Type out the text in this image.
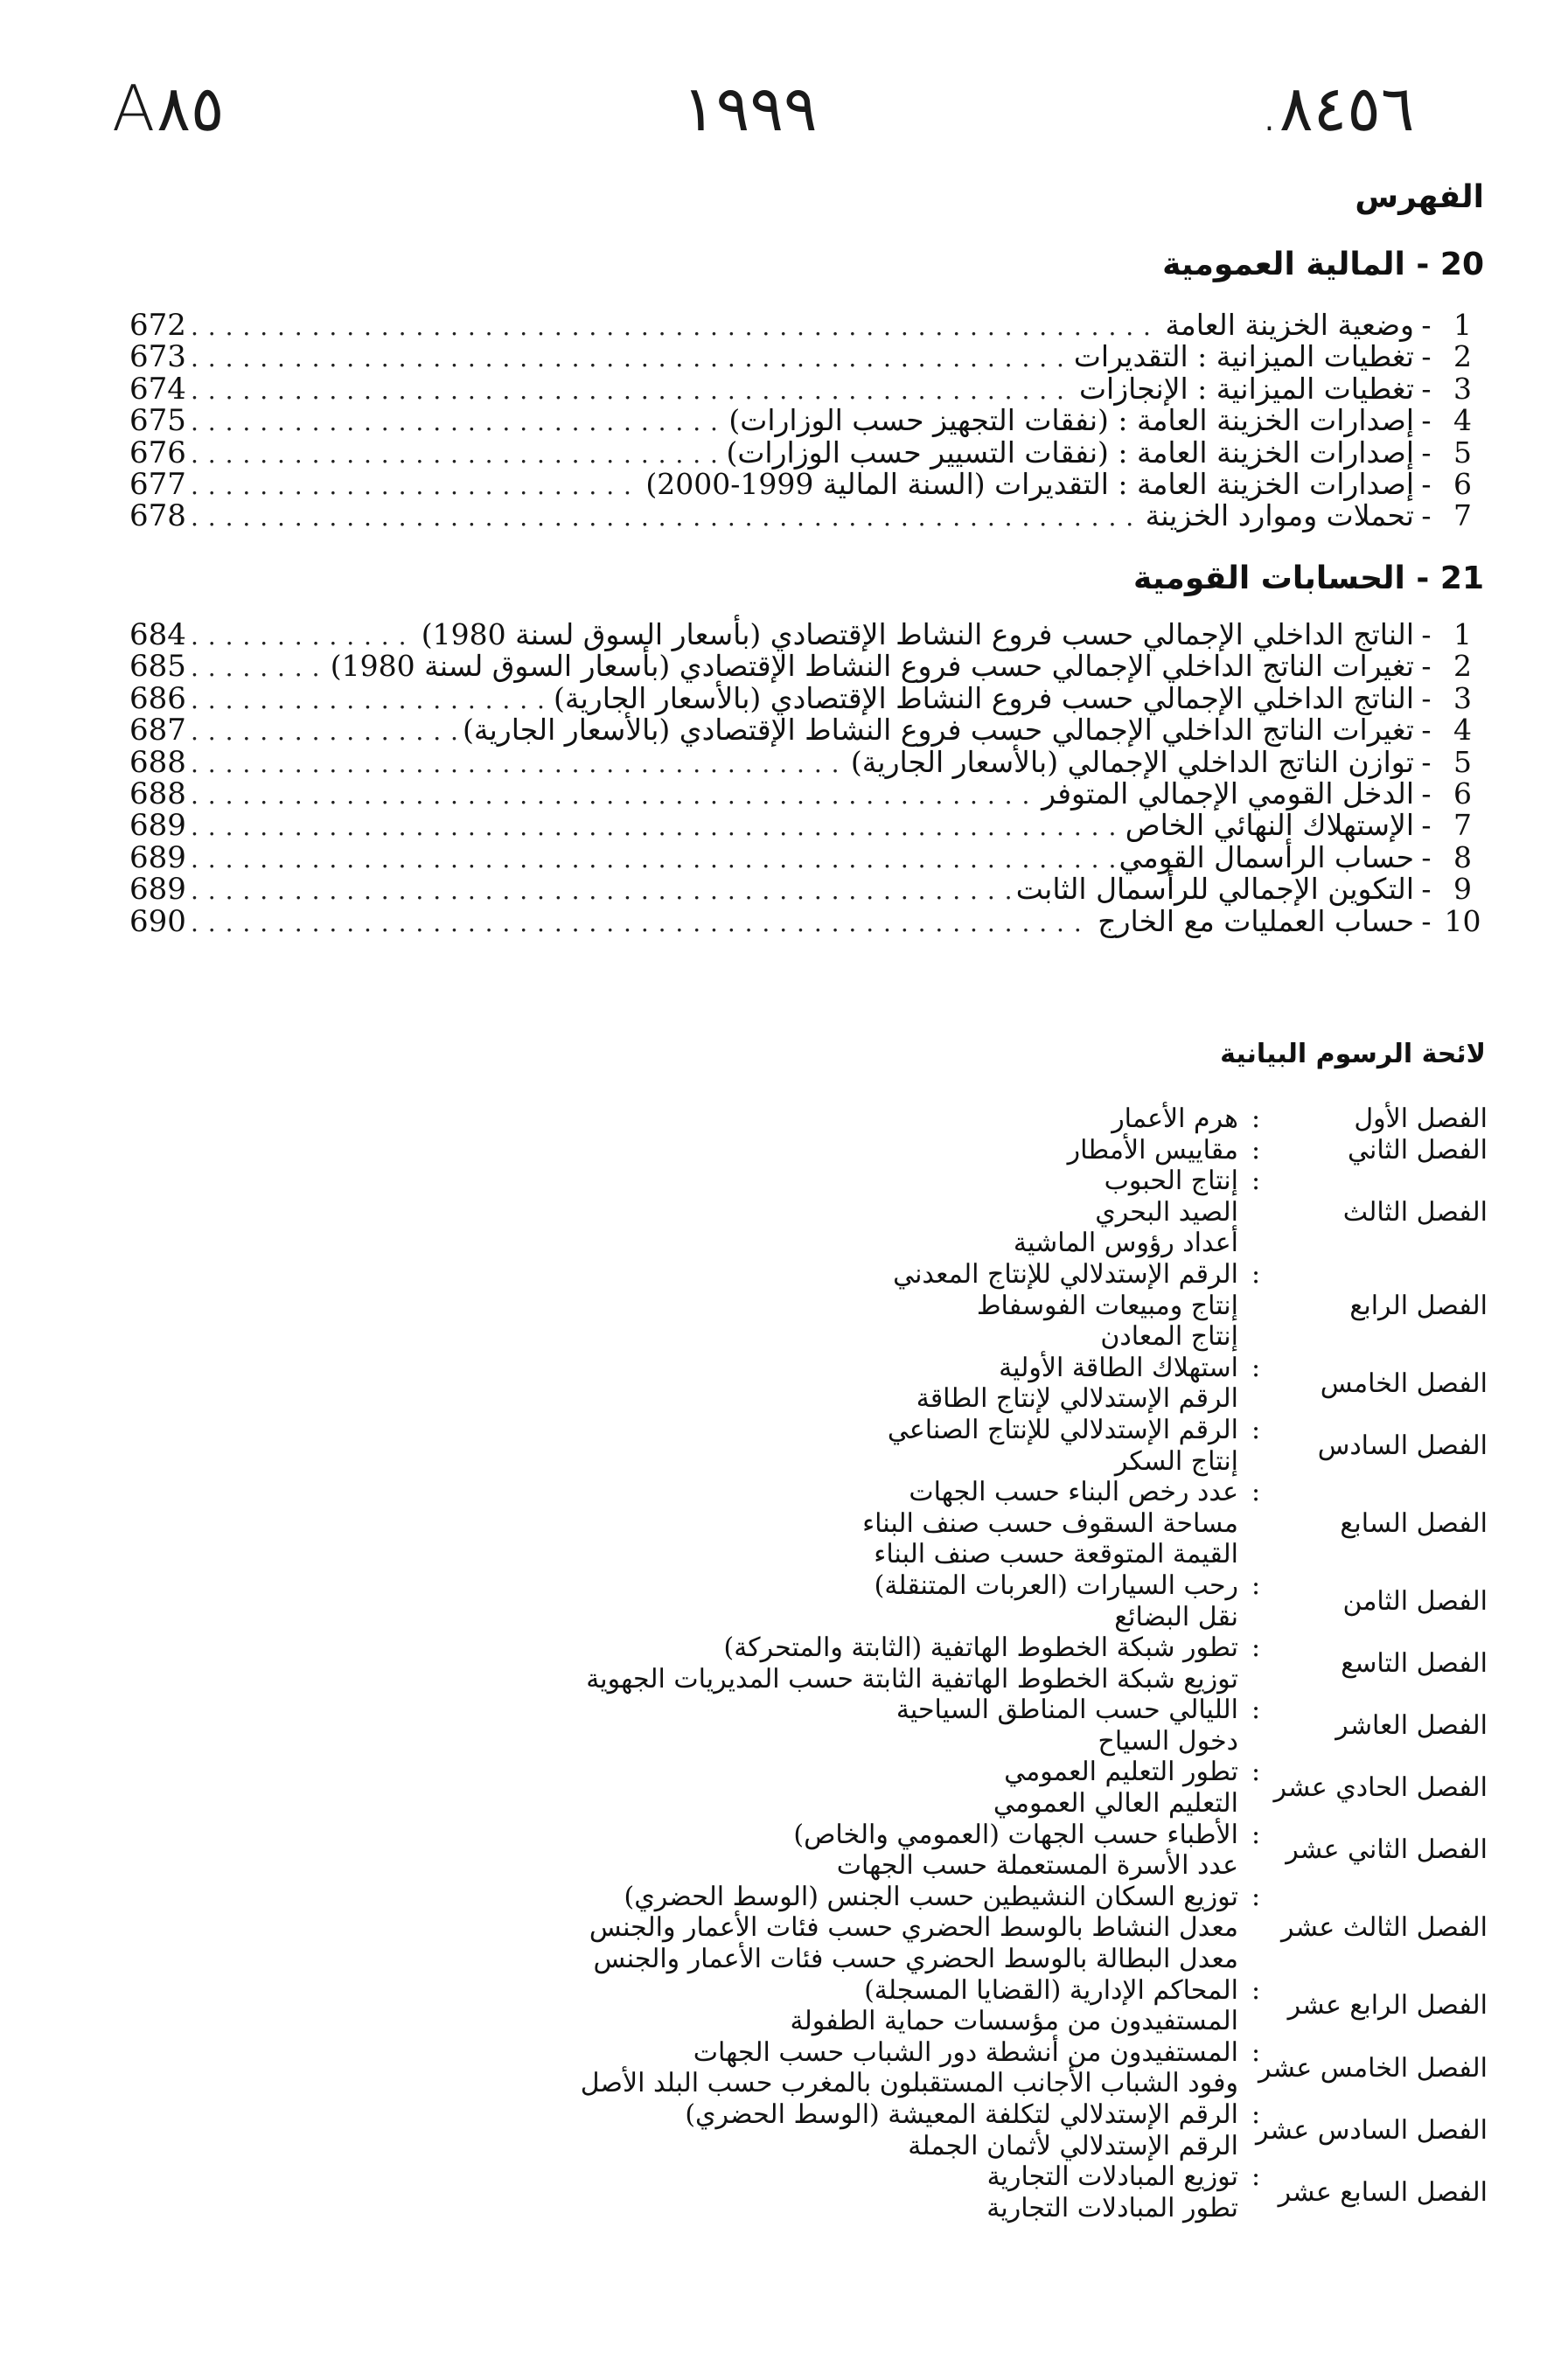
A٨٥	١٩٩٩	٨٤٥٦.
الفهرس
20 - المالية العمومية
1
-
وضعية الخزينة العامة
. . .
672
2
-
تغطيات الميزانية : التقديرات
. . .
673
3
-
تغطيات الميزانية : الإنجازات
. . .
674
4
-
إصدارات الخزينة العامة : (نفقات التجهيز حسب الوزارات)
. . .
675
5
-
إصدارات الخزينة العامة : (نفقات التسيير حسب الوزارات)
. . .
676
6
-
إصدارات الخزينة العامة : التقديرات (السنة المالية 1999-2000)
. . .
677
7
-
تحملات وموارد الخزينة
. . .
678
21 - الحسابات القومية
1
-
الناتج الداخلي الإجمالي حسب فروع النشاط الإقتصادي (بأسعار السوق لسنة 1980)
. . .
684
2
-
تغيرات الناتج الداخلي الإجمالي حسب فروع النشاط الإقتصادي (بأسعار السوق لسنة 1980)
. . .
685
3
-
الناتج الداخلي الإجمالي حسب فروع النشاط الإقتصادي (بالأسعار الجارية)
. . .
686
4
-
تغيرات الناتج الداخلي الإجمالي حسب فروع النشاط الإقتصادي (بالأسعار الجارية)
. . .
687
5
-
توازن الناتج الداخلي الإجمالي (بالأسعار الجارية)
. . .
688
6
-
الدخل القومي الإجمالي المتوفر
. . .
688
7
-
الإستهلاك النهائي الخاص
. . .
689
8
-
حساب الرأسمال القومي
. . .
689
9
-
التكوين الإجمالي للرأسمال الثابت
. . .
689
10
-
حساب العمليات مع الخارج
. . .
690
لائحة الرسوم البيانية
الفصل الأول
:
هرم الأعمار
الفصل الثاني
:
مقاييس الأمطار
الفصل الثالث
:
إنتاج الحبوب
الصيد البحري
أعداد رؤوس الماشية
الفصل الرابع
:
الرقم الإستدلالي للإنتاج المعدني
إنتاج ومبيعات الفوسفاط
إنتاج المعادن
الفصل الخامس
:
استهلاك الطاقة الأولية
الرقم الإستدلالي لإنتاج الطاقة
الفصل السادس
:
الرقم الإستدلالي للإنتاج الصناعي
إنتاج السكر
الفصل السابع
:
عدد رخص البناء حسب الجهات
مساحة السقوف حسب صنف البناء
القيمة المتوقعة حسب صنف البناء
الفصل الثامن
:
رحب السيارات (العربات المتنقلة)
نقل البضائع
الفصل التاسع
:
تطور شبكة الخطوط الهاتفية (الثابتة والمتحركة)
توزيع شبكة الخطوط الهاتفية الثابتة حسب المديريات الجهوية
الفصل العاشر
:
الليالي حسب المناطق السياحية
دخول السياح
الفصل الحادي عشر
:
تطور التعليم العمومي
التعليم العالي العمومي
الفصل الثاني عشر
:
الأطباء حسب الجهات (العمومي والخاص)
عدد الأسرة المستعملة حسب الجهات
الفصل الثالث عشر
:
توزيع السكان النشيطين حسب الجنس (الوسط الحضري)
معدل النشاط بالوسط الحضري حسب فئات الأعمار والجنس
معدل البطالة بالوسط الحضري حسب فئات الأعمار والجنس
الفصل الرابع عشر
:
المحاكم الإدارية (القضايا المسجلة)
المستفيدون من مؤسسات حماية الطفولة
الفصل الخامس عشر
:
المستفيدون من أنشطة دور الشباب حسب الجهات
وفود الشباب الأجانب المستقبلون بالمغرب حسب البلد الأصل
الفصل السادس عشر
:
الرقم الإستدلالي لتكلفة المعيشة (الوسط الحضري)
الرقم الإستدلالي لأثمان الجملة
الفصل السابع عشر
:
توزيع المبادلات التجارية
تطور المبادلات التجارية
